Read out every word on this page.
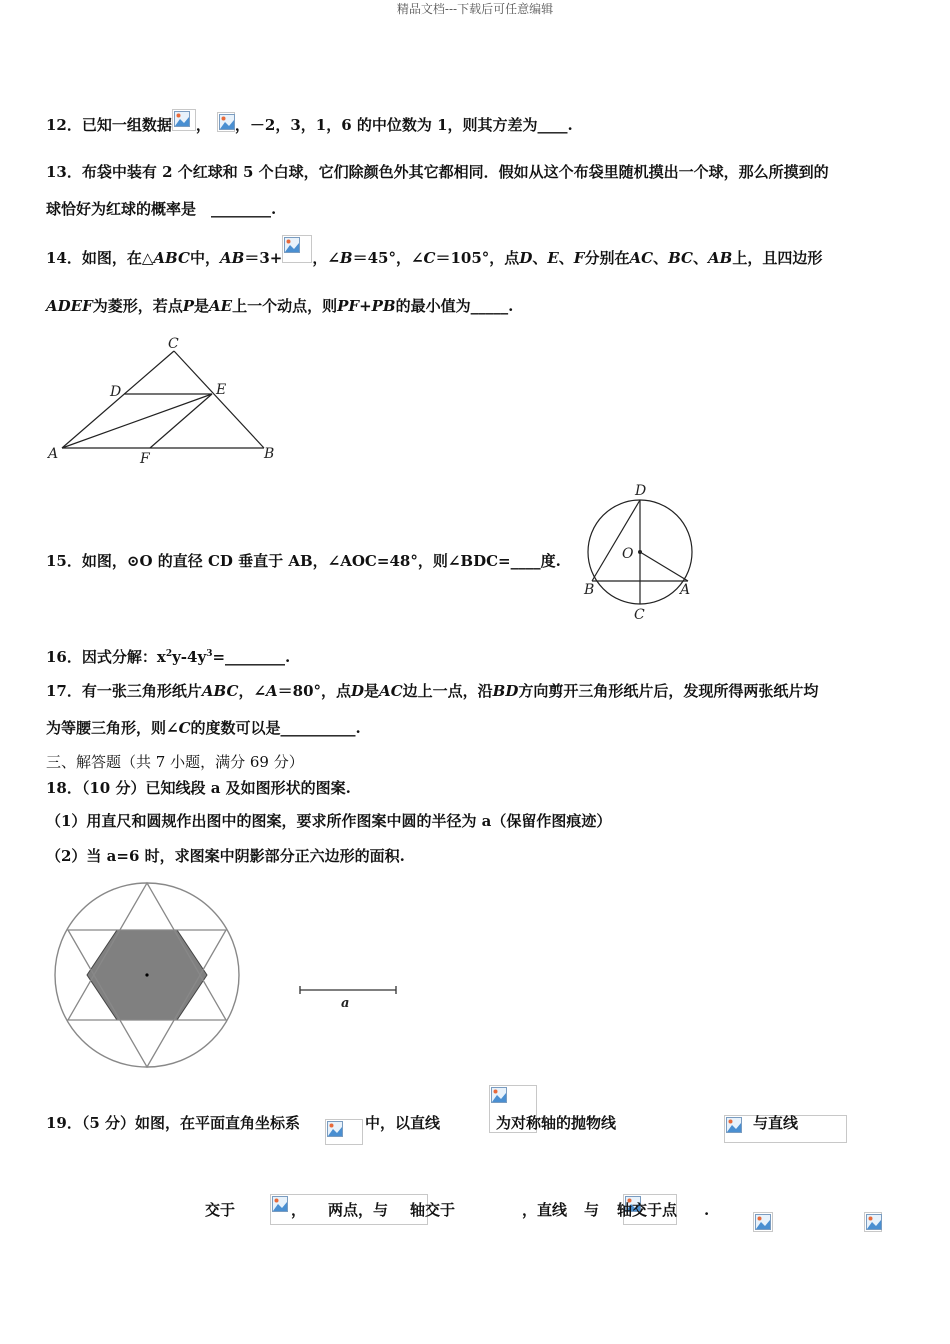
精品文档---下载后可任意编辑
12．已知一组数据 ， ，－2，3，1，6 的中位数为 1，则其方差为____.
13．布袋中装有 2 个红球和 5 个白球，它们除颜色外其它都相同．假如从这个布袋里随机摸出一个球，那么所摸到的
球恰好为红球的概率是　________.
14．如图，在△ABC中，AB＝3+ ，∠B＝45°，∠C＝105°，点D、E、F分别在AC、BC、AB上，且四边形
ADEF为菱形，若点P是AE上一个动点，则PF+PB的最小值为_____.
C
D	E
A	F	B
15．如图，⊙O 的直径 CD 垂直于 AB，∠AOC=48°，则∠BDC=____度.
D
O
B	A
C
16．因式分解：$x^2y-4y^3=\_\_\_\_\_\_\_\_$.
17．有一张三角形纸片ABC，∠A＝80°，点D是AC边上一点，沿BD方向剪开三角形纸片后，发现所得两张纸片均
为等腰三角形，则∠C的度数可以是__________.
三、解答题（共 7 小题，满分 69 分）
18．（10 分）已知线段 a 及如图形状的图案.
（1）用直尺和圆规作出图中的图案，要求所作图案中圆的半径为 a（保留作图痕迹）
（2）当 a=6 时，求图案中阴影部分正六边形的面积.
a
19．（5 分）如图，在平面直角坐标系
	中，以直线
	为对称轴的抛物线
	与直线

交于
	，
两点，与
轴交于
	，直线
与
轴交于点 .
